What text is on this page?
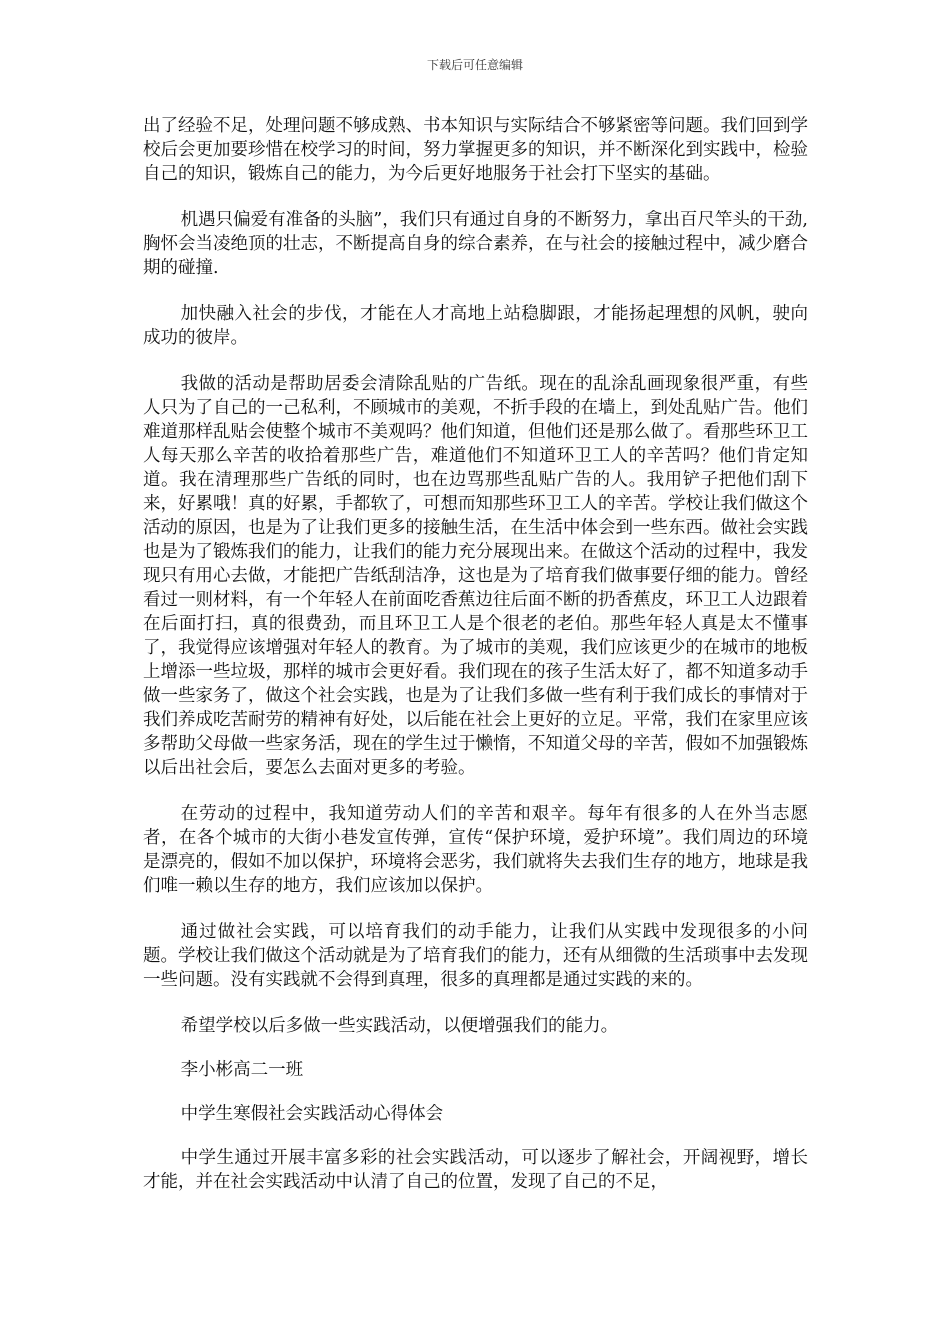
下载后可任意编辑

出了经验不足，处理问题不够成熟、书本知识与实际结合不够紧密等问题。我们回到学校后会更加要珍惜在校学习的时间，努力掌握更多的知识，并不断深化到实践中，检验自己的知识，锻炼自己的能力，为今后更好地服务于社会打下坚实的基础。

机遇只偏爱有准备的头脑”，我们只有通过自身的不断努力，拿出百尺竿头的干劲,胸怀会当凌绝顶的壮志，不断提高自身的综合素养，在与社会的接触过程中，减少磨合期的碰撞.

加快融入社会的步伐，才能在人才高地上站稳脚跟，才能扬起理想的风帆，驶向成功的彼岸。

我做的活动是帮助居委会清除乱贴的广告纸。现在的乱涂乱画现象很严重，有些人只为了自己的一己私利，不顾城市的美观，不折手段的在墙上，到处乱贴广告。他们难道那样乱贴会使整个城市不美观吗？他们知道，但他们还是那么做了。看那些环卫工人每天那么辛苦的收拾着那些广告，难道他们不知道环卫工人的辛苦吗？他们肯定知道。我在清理那些广告纸的同时，也在边骂那些乱贴广告的人。我用铲子把他们刮下来，好累哦！真的好累，手都软了，可想而知那些环卫工人的辛苦。学校让我们做这个活动的原因，也是为了让我们更多的接触生活，在生活中体会到一些东西。做社会实践也是为了锻炼我们的能力，让我们的能力充分展现出来。在做这个活动的过程中，我发现只有用心去做，才能把广告纸刮洁净，这也是为了培育我们做事要仔细的能力。曾经看过一则材料，有一个年轻人在前面吃香蕉边往后面不断的扔香蕉皮，环卫工人边跟着在后面打扫，真的很费劲，而且环卫工人是个很老的老伯。那些年轻人真是太不懂事了，我觉得应该增强对年轻人的教育。为了城市的美观，我们应该更少的在城市的地板上增添一些垃圾，那样的城市会更好看。我们现在的孩子生活太好了，都不知道多动手做一些家务了，做这个社会实践，也是为了让我们多做一些有利于我们成长的事情对于我们养成吃苦耐劳的精神有好处，以后能在社会上更好的立足。平常，我们在家里应该多帮助父母做一些家务活，现在的学生过于懒惰，不知道父母的辛苦，假如不加强锻炼以后出社会后，要怎么去面对更多的考验。

在劳动的过程中，我知道劳动人们的辛苦和艰辛。每年有很多的人在外当志愿者，在各个城市的大街小巷发宣传弹，宣传“保护环境，爱护环境”。我们周边的环境是漂亮的，假如不加以保护，环境将会恶劣，我们就将失去我们生存的地方，地球是我们唯一赖以生存的地方，我们应该加以保护。

通过做社会实践，可以培育我们的动手能力，让我们从实践中发现很多的小问题。学校让我们做这个活动就是为了培育我们的能力，还有从细微的生活琐事中去发现一些问题。没有实践就不会得到真理，很多的真理都是通过实践的来的。

希望学校以后多做一些实践活动，以便增强我们的能力。

李小彬高二一班

中学生寒假社会实践活动心得体会

中学生通过开展丰富多彩的社会实践活动，可以逐步了解社会，开阔视野，增长才能，并在社会实践活动中认清了自己的位置，发现了自己的不足，
